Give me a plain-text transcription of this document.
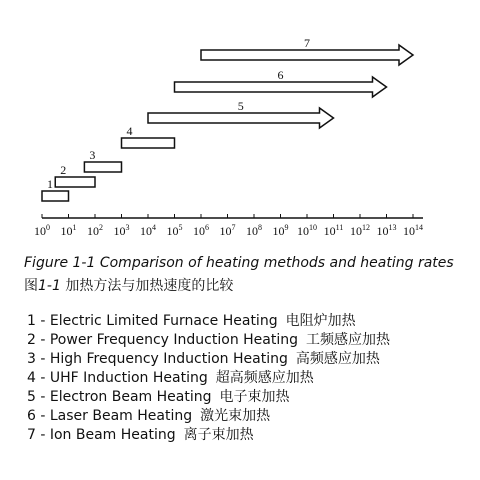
1
2
3
4
5
6
7
$10^0$ $10^1$ $10^2$ $10^3$ $10^4$ $10^5$ $10^6$ $10^7$ $10^8$ $10^9$ $10^{10}$ $10^{11}$ $10^{12}$ $10^{13}$ $10^{14}$
Figure 1-1 Comparison of heating methods and heating rates
图1-1 加热方法与加热速度的比较
1 - Electric Limited Furnace Heating 电阻炉加热
2 - Power Frequency Induction Heating 工频感应加热
3 - High Frequency Induction Heating 高频感应加热
4 - UHF Induction Heating 超高频感应加热
5 - Electron Beam Heating 电子束加热
6 - Laser Beam Heating 激光束加热
7 - Ion Beam Heating 离子束加热
